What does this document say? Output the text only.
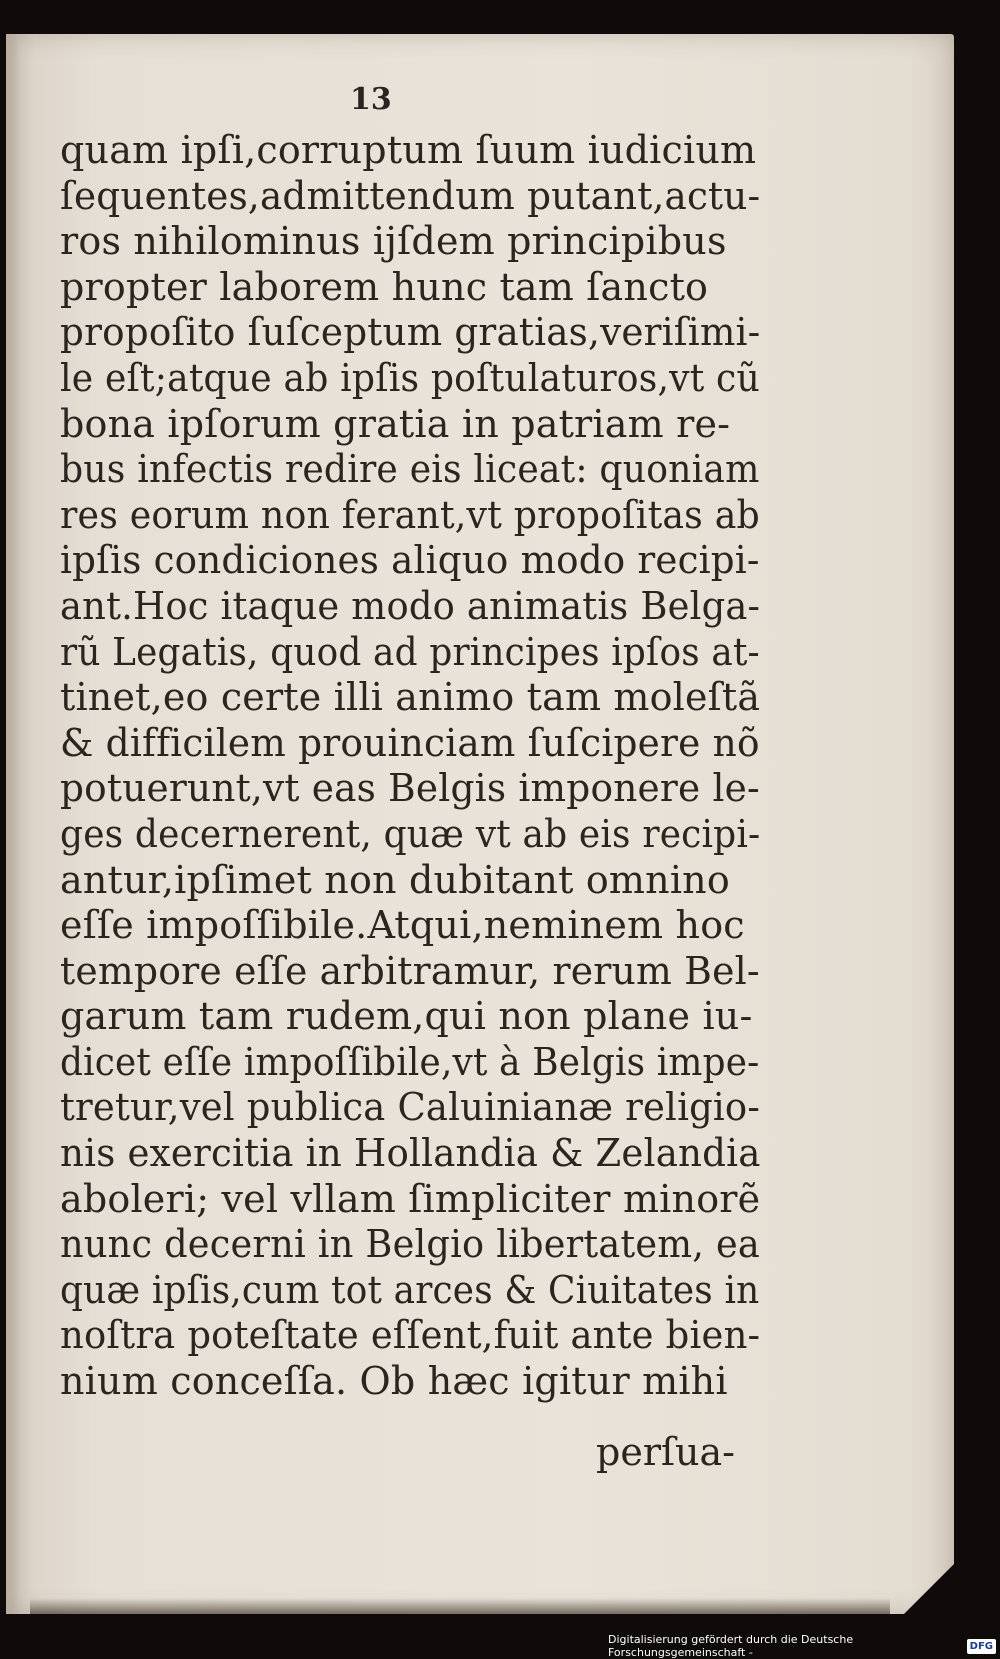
13
quam ipſi,corruptum ſuum iudicium
ſequentes,admittendum putant,actu-
ros nihilominus ijſdem principibus
propter laborem hunc tam ſancto
propoſito ſuſceptum gratias,veriſimi-
le eſt;atque ab ipſis poſtulaturos,vt cũ
bona ipſorum gratia in patriam re-
bus infectis redire eis liceat: quoniam
res eorum non ferant,vt propoſitas ab
ipſis condiciones aliquo modo recipi-
ant.Hoc itaque modo animatis Belga-
rũ Legatis, quod ad principes ipſos at-
tinet,eo certe illi animo tam moleſtã
& difficilem prouinciam ſuſcipere nõ
potuerunt,vt eas Belgis imponere le-
ges decernerent, quæ vt ab eis recipi-
antur,ipſimet non dubitant omnino
eſſe impoſſibile.Atqui,neminem hoc
tempore eſſe arbitramur, rerum Bel-
garum tam rudem,qui non plane iu-
dicet eſſe impoſſibile,vt à Belgis impe-
tretur,vel publica Caluinianæ religio-
nis exercitia in Hollandia & Zelandia
aboleri; vel vllam ſimpliciter minorẽ
nunc decerni in Belgio libertatem, ea
quæ ipſis,cum tot arces & Ciuitates in
noſtra poteſtate eſſent,fuit ante bien-
nium conceſſa. Ob hæc igitur mihi
perſua-
Digitalisierung gefördert durch die Deutsche Forschungsgemeinschaft -	DFG
